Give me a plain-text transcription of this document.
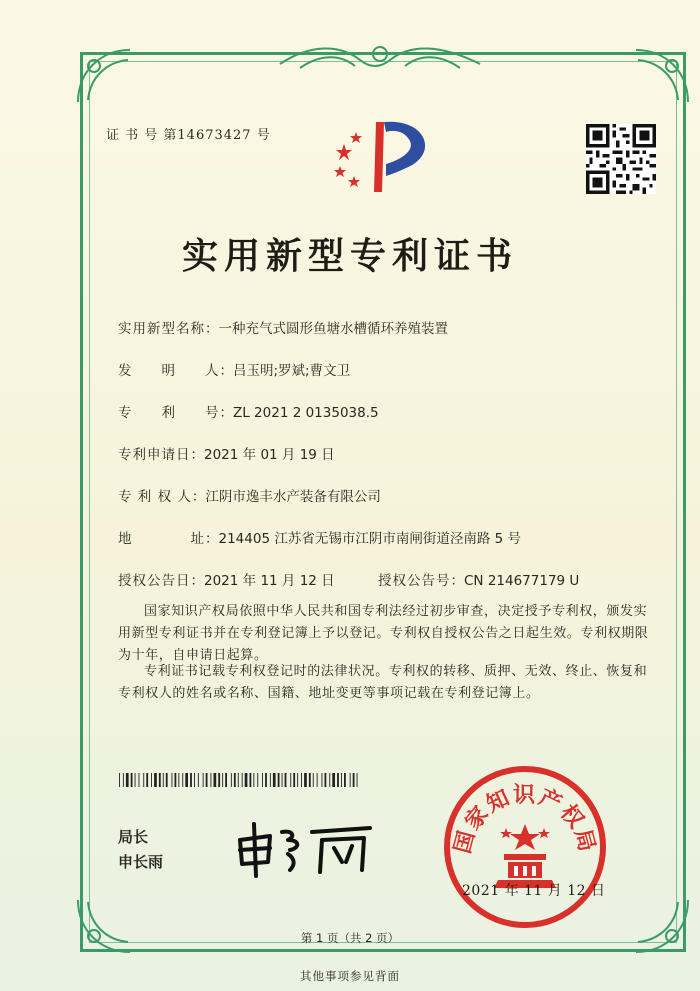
证 书 号 第14673427 号
实用新型专利证书
实用新型名称：一种充气式圆形鱼塘水槽循环养殖装置
发　　明　　人：吕玉明;罗斌;曹文卫
专　　利　　号：ZL 2021 2 0135038.5
专利申请日：2021 年 01 月 19 日
专 利 权 人：江阴市逸丰水产装备有限公司
地　　　　址：214405 江苏省无锡市江阴市南闸街道泾南路 5 号
授权公告日：2021 年 11 月 12 日	授权公告号：CN 214677179 U
国家知识产权局依照中华人民共和国专利法经过初步审查，决定授予专利权，颁发实用新型专利证书并在专利登记簿上予以登记。专利权自授权公告之日起生效。专利权期限为十年，自申请日起算。
专利证书记载专利权登记时的法律状况。专利权的转移、质押、无效、终止、恢复和专利权人的姓名或名称、国籍、地址变更等事项记载在专利登记簿上。
局长
申长雨
国家知识产权局
2021 年 11 月 12 日
第 1 页（共 2 页）
其他事项参见背面
